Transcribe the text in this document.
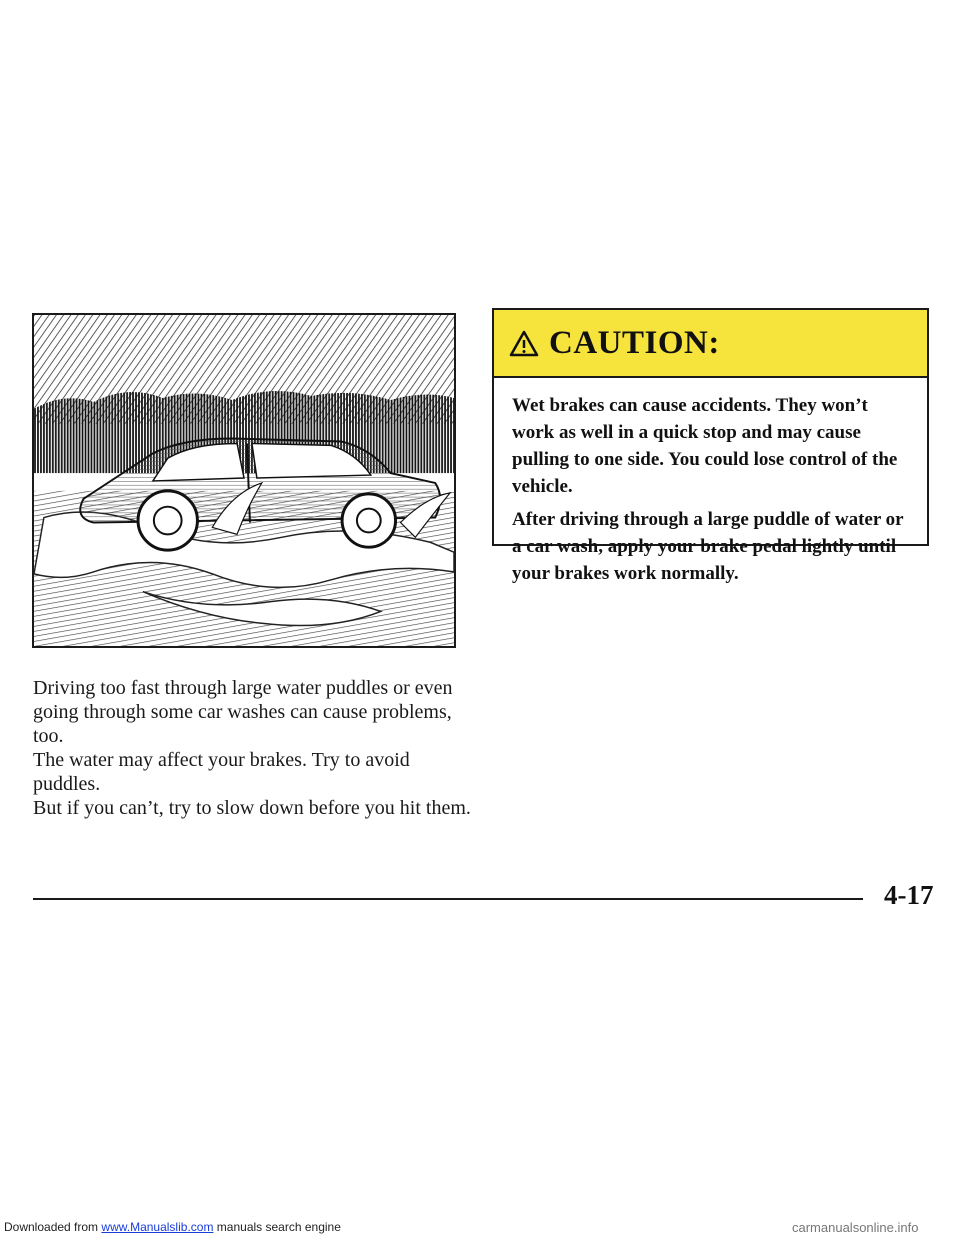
Driving too fast through large water puddles or even

going through some car washes can cause problems, too.

The water may affect your brakes. Try to avoid puddles.

But if you can’t, try to slow down before you hit them.

CAUTION:

Wet brakes can cause accidents. They won’t work as well in a quick stop and may cause pulling to one side. You could lose control of the vehicle.

After driving through a large puddle of water or a car wash, apply your brake pedal lightly until your brakes work normally.

4-17
Downloaded from www.Manualslib.com manuals search engine	carmanualsonline.info
